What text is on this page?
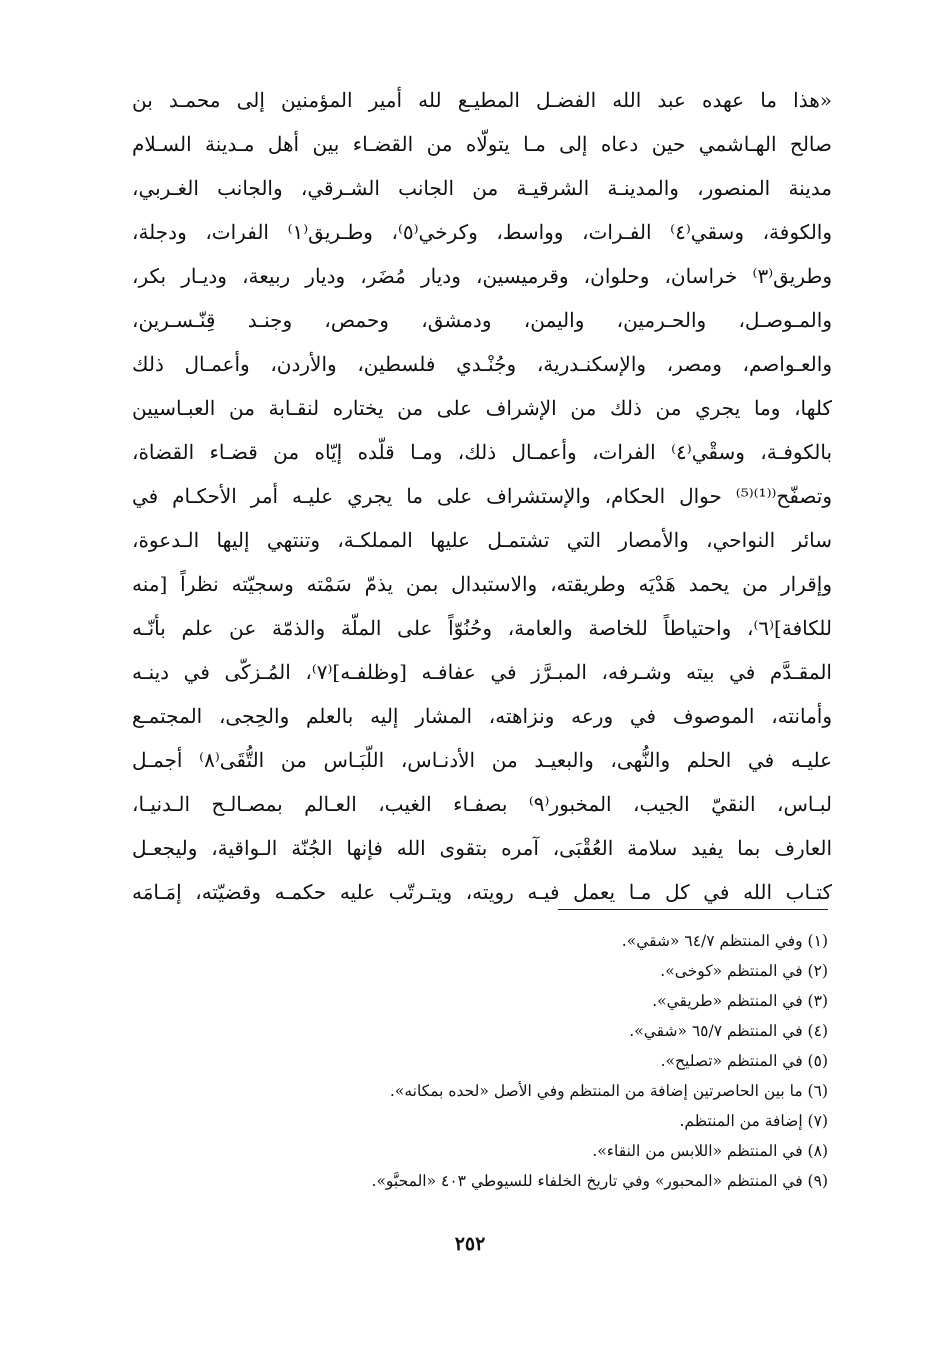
«هذا ما عهده عبد الله الفضـل المطيـع لله أمير المؤمنين إلى محمـد بن
صالح الهـاشمي حين دعاه إلى مـا يتولّاه من القضـاء بين أهل مـدينة السـلام
مدينة المنصور، والمدينـة الشرقيـة من الجانب الشـرقي، والجانب الغـربي،
والكوفة، وسقي⁽٤⁾ الفـرات، وواسط، وكرخي⁽٥⁾، وطـريق⁽١⁾ الفرات، ودجلة،
وطريق⁽٣⁾ خراسان، وحلوان، وقرميسين، وديار مُضَر، وديار ربيعة، وديـار بكر،
والمـوصـل، والحـرمين، واليمن، ودمشق، وحمص، وجنـد قِنّـسـرين،
والعـواصم، ومصر، والإسكنـدرية، وجُنْـدي فلسطين، والأردن، وأعمـال ذلك
كلها، وما يجري من ذلك من الإشراف على من يختاره لنقـابة من العبـاسيين
بالكوفـة، وسقْي⁽٤⁾ الفرات، وأعمـال ذلك، ومـا قلّده إيّاه من قضـاء القضاة،
وتصفّح⁽⁽¹⁾⁽⁵⁾ حوال الحكام، والإستشراف على ما يجري عليـه أمر الأحكـام في
سائر النواحي، والأمصار التي تشتمـل عليها المملكـة، وتنتهي إليها الـدعوة،
وإقرار من يحمد هَدْيَه وطريقته، والاستبدال بمن يذمّ سَمْته وسجيّته نظراً [منه
للكافة]⁽٦⁾، واحتياطاً للخاصة والعامة، وحُنُوّاً على الملّة والذمّة عن علم بأنّـه
المقـدَّم في بيته وشـرفه، المبـرَّز في عفافـه [وظلفـه]⁽٧⁾، المُـزكّى في دينـه
وأمانته، الموصوف في ورعه ونزاهته، المشار إليه بالعلم والحِجى، المجتمـع
عليـه في الحلم والنُّهى، والبعيـد من الأدنـاس، اللّبَـاس من التُّقَى⁽٨⁾ أجمـل
لبـاس، النقيّ الجيب، المخبور⁽٩⁾ بصفـاء الغيب، العـالم بمصـالـح الـدنيـا،
العارف بما يفيد سلامة العُقْبَى، آمره بتقوى الله فإنها الجُنّة الـواقية، وليجعـل
كتـاب الله في كل مـا يعمل فيـه رويته، ويتـرتّب عليه حكمـه وقضيّته، إمَـامَه
(١) وفي المنتظم ٦٤/٧ «شقي».
(٢) في المنتظم «كوخى».
(٣) في المنتظم «طريقي».
(٤) في المنتظم ٦٥/٧ «شقي».
(٥) في المنتظم «تصليح».
(٦) ما بين الحاصرتين إضافة من المنتظم وفي الأصل «لحده بمكانه».
(٧) إضافة من المنتظم.
(٨) في المنتظم «اللابس من النقاء».
(٩) في المنتظم «المحبور» وفي تاريخ الخلفاء للسيوطي ٤٠٣ «المحبَّو».
٢٥٢
